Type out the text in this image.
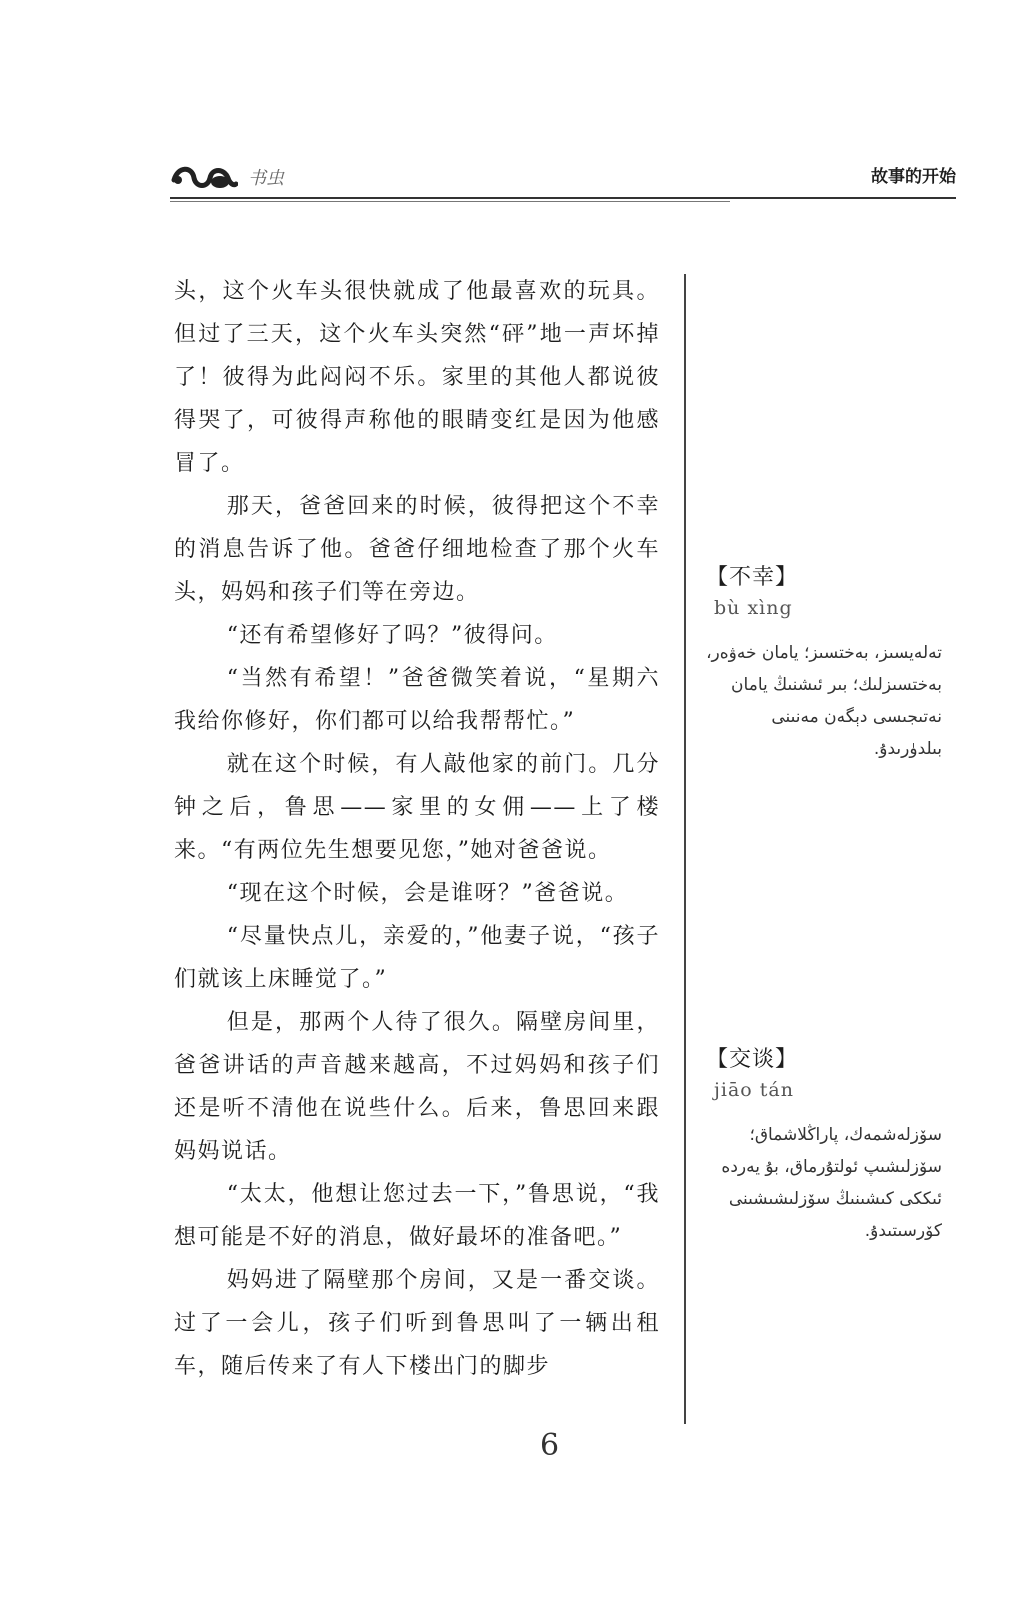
书虫	故事的开始

头，这个火车头很快就成了他最喜欢的玩具。但过了三天，这个火车头突然“砰”地一声坏掉了！彼得为此闷闷不乐。家里的其他人都说彼得哭了，可彼得声称他的眼睛变红是因为他感冒了。

那天，爸爸回来的时候，彼得把这个不幸的消息告诉了他。爸爸仔细地检查了那个火车头，妈妈和孩子们等在旁边。

“还有希望修好了吗？”彼得问。

“当然有希望！”爸爸微笑着说，“星期六我给你修好，你们都可以给我帮帮忙。”

就在这个时候，有人敲他家的前门。几分钟之后，鲁思——家里的女佣——上了楼来。“有两位先生想要见您，”她对爸爸说。

“现在这个时候，会是谁呀？”爸爸说。

“尽量快点儿，亲爱的，”他妻子说，“孩子们就该上床睡觉了。”

但是，那两个人待了很久。隔壁房间里，爸爸讲话的声音越来越高，不过妈妈和孩子们还是听不清他在说些什么。后来，鲁思回来跟妈妈说话。

“太太，他想让您过去一下，”鲁思说，“我想可能是不好的消息，做好最坏的准备吧。”

妈妈进了隔壁那个房间，又是一番交谈。过了一会儿，孩子们听到鲁思叫了一辆出租车，随后传来了有人下楼出门的脚步

【不幸】

bù xìng

تەلەيسىز، بەختسىز؛ يامان خەۋەر، بەختسىزلىك؛ بىر ئىشنىڭ يامان نەتىجىسى دېگەن مەنىنى بىلدۈرىدۇ.

【交谈】

jiāo tán

سۆزلەشمەك، پاراڭلاشماق؛ سۆزلىشىپ ئولتۇرماق، بۇ يەردە ئىككى كىشىنىڭ سۆزلىشىشىنى كۆرسىتىدۇ.

6
